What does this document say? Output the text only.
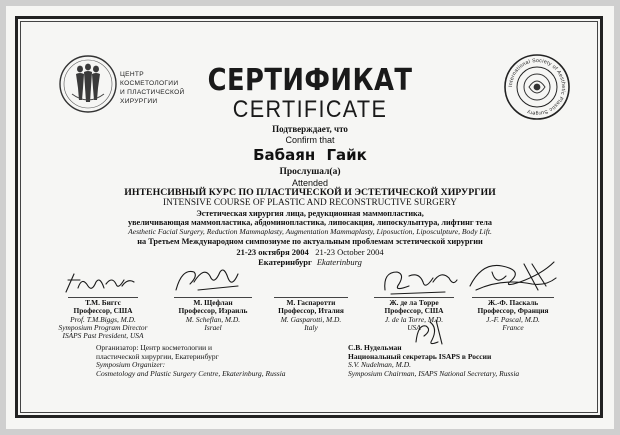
ЦЕНТР
КОСМЕТОЛОГИИ
И ПЛАСТИЧЕСКОЙ
ХИРУРГИИ
International Society of Aesthetic Plastic Surgery
СЕРТИФИКАТ
CERTIFICATE
Подтверждает, что
Confirm that
Бабаян Гайк
Прослушал(а)
Attended
ИНТЕНСИВНЫЙ КУРС ПО ПЛАСТИЧЕСКОЙ И ЭСТЕТИЧЕСКОЙ ХИРУРГИИ
INTENSIVE COURSE OF PLASTIC AND RECONSTRUCTIVE SURGERY
Эстетическая хирургия лица, редукционная маммопластика,
увеличивающая маммопластика, абдоминопластика, липосакция, липоскульптура, лифтинг тела
Aesthetic Facial Surgery, Reduction Mammaplasty, Augmentation Mammaplasty, Liposuction, Liposculpture, Body Lift.
на Третьем Международном симпозиуме по актуальным проблемам эстетической хирургии
21-23 октября 2004 21-23 October 2004
Екатеринбург Ekaterinburg
Т.М. Биггс
Профессор, США
Prof. T.M.Biggs, M.D.
Symposium Program Director
ISAPS Past President, USA
М. Щефлан
Профессор, Израиль
M. Scheflan, M.D.
Israel
М. Гаспаротти
Профессор, Италия
M. Gasparotti, M.D.
Italy
Ж. де ла Торре
Профессор, США
J. de la Torre, M.D.
USA
Ж.-Ф. Паскаль
Профессор, Франция
J.-F. Pascal, M.D.
France
Организатор: Центр косметологии и
пластической хирургии, Екатеринбург
Symposium Organizer:
Cosmetology and Plastic Surgery Centre, Ekaterinburg, Russia
С.В. Нудельман
Национальный секретарь ISAPS в России
S.V. Nudelman, M.D.
Symposium Chairman, ISAPS National Secretary, Russia
